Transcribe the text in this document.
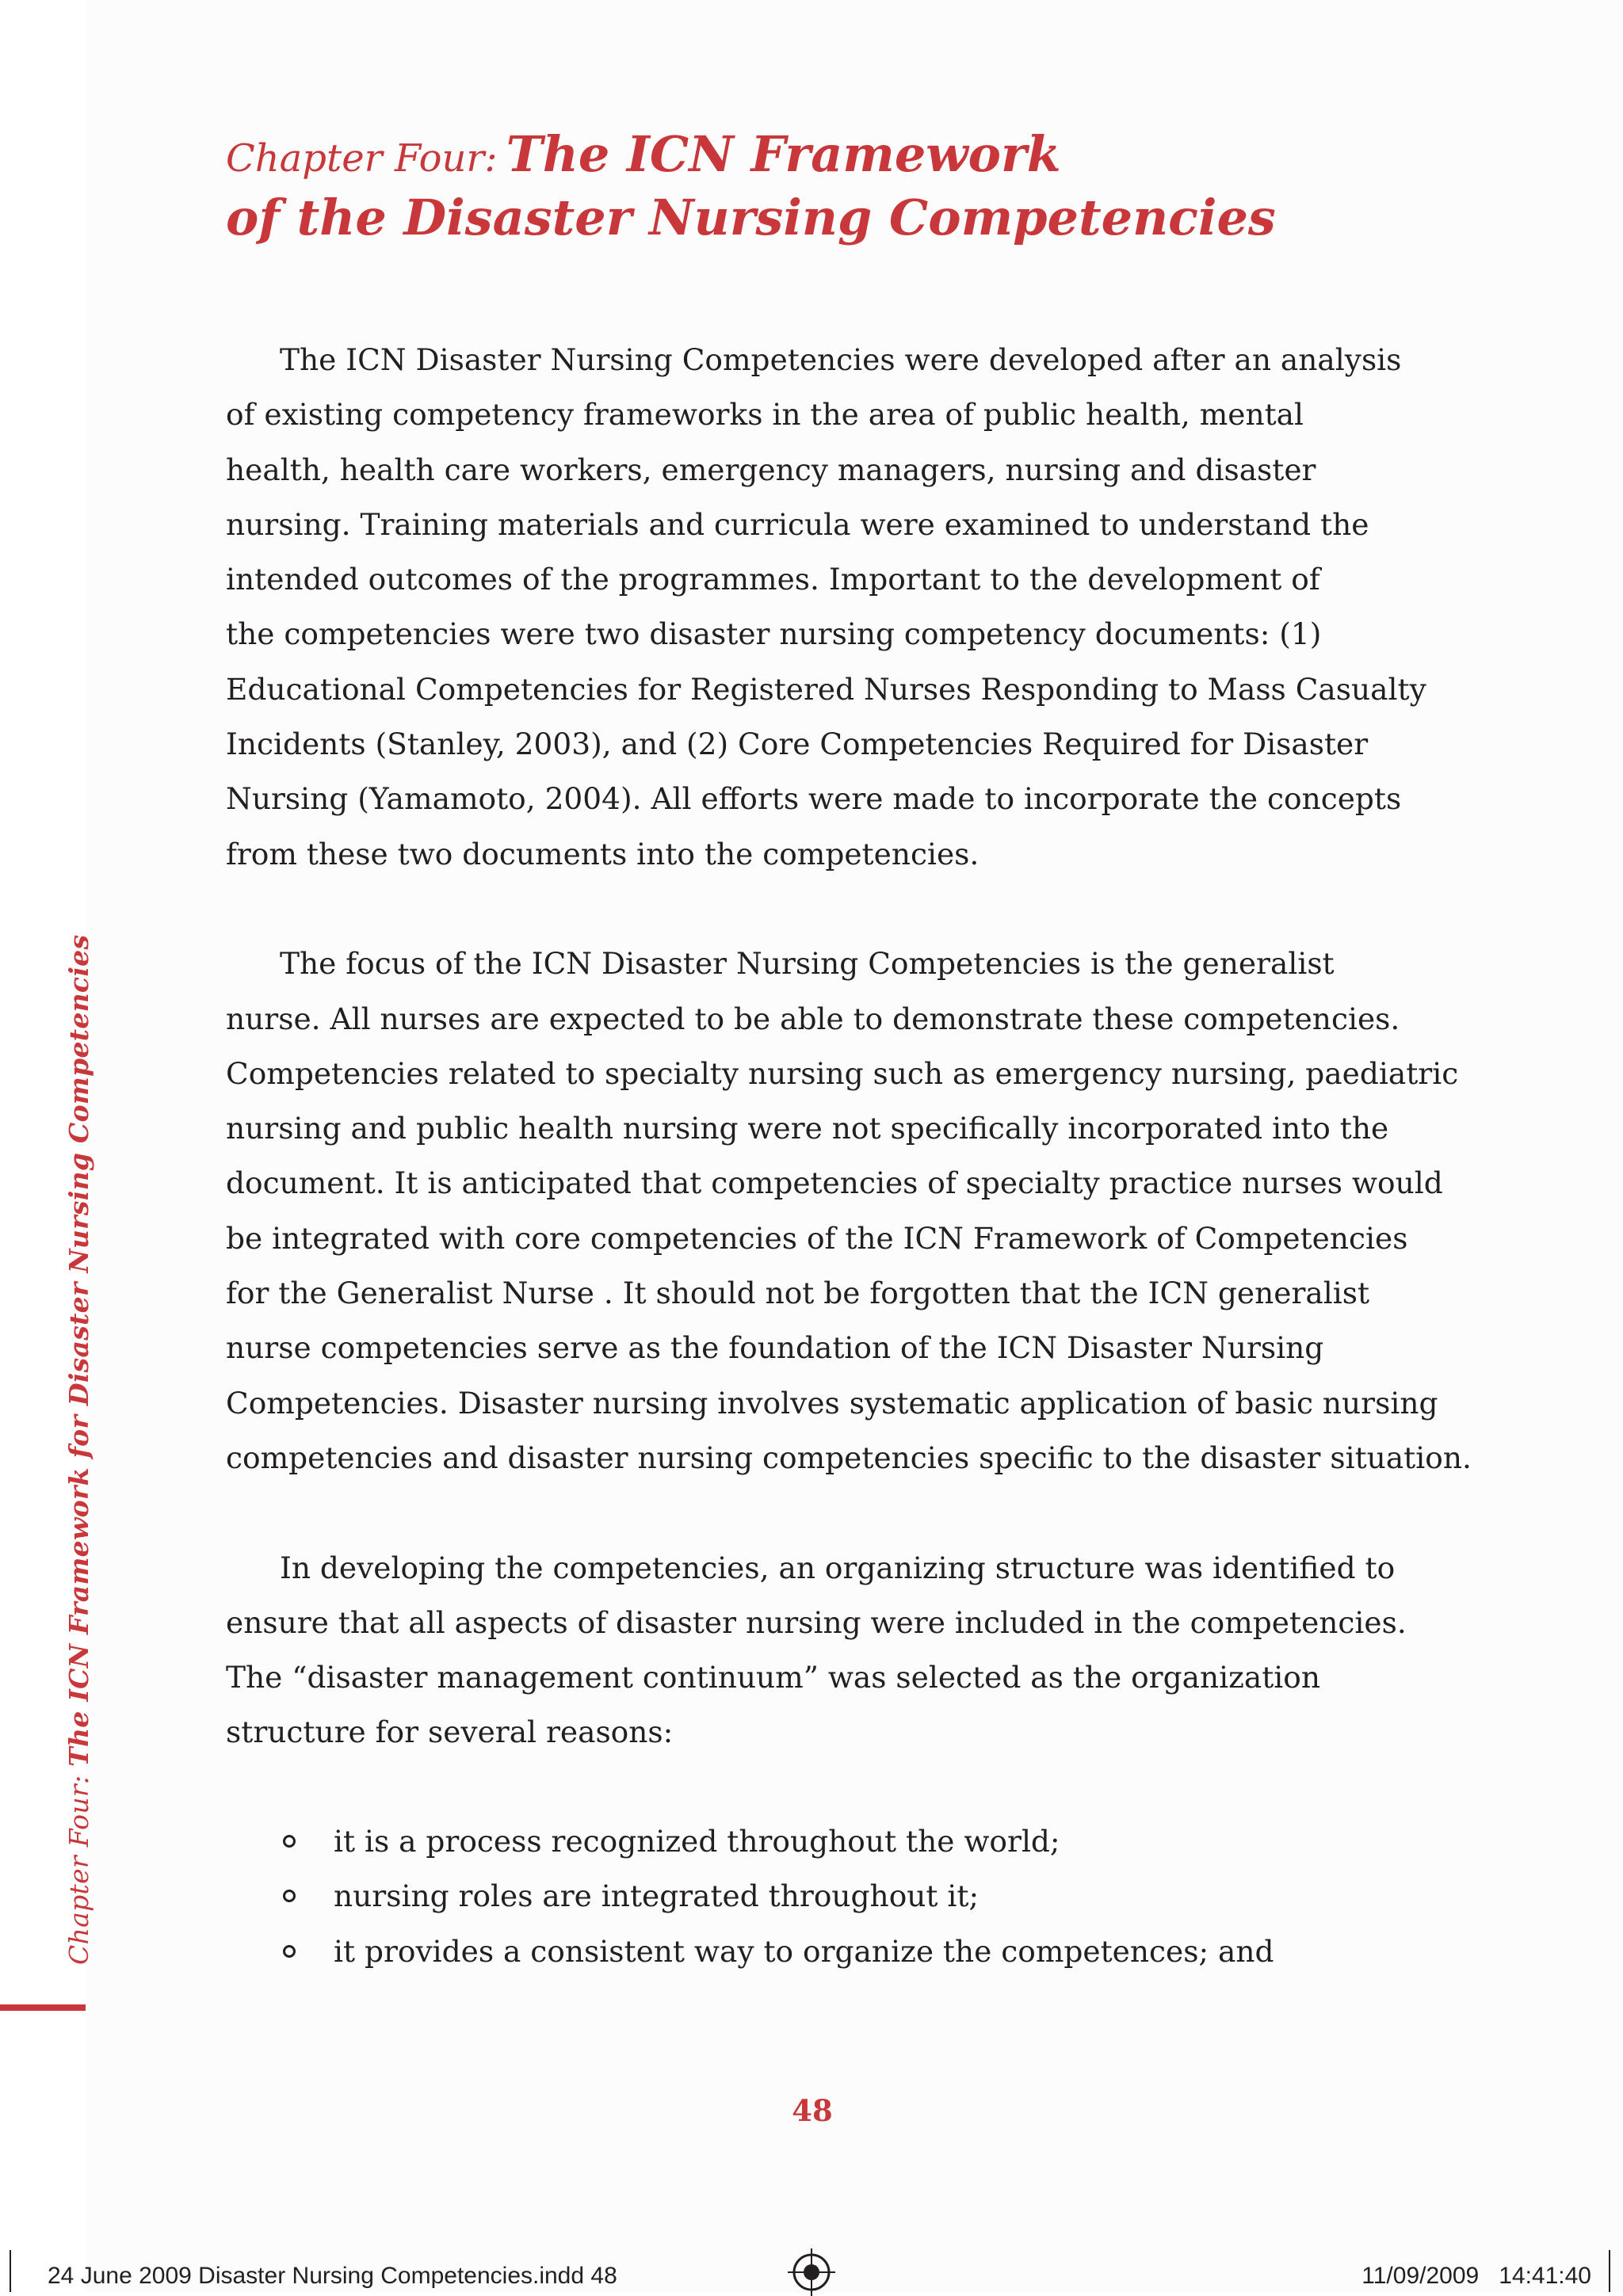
Chapter Four: The ICN Framework
of the Disaster Nursing Competencies

The ICN Disaster Nursing Competencies were developed after an analysis
of existing competency frameworks in the area of public health, mental
health, health care workers, emergency managers, nursing and disaster
nursing. Training materials and curricula were examined to understand the
intended outcomes of the programmes. Important to the development of
the competencies were two disaster nursing competency documents: (1)
Educational Competencies for Registered Nurses Responding to Mass Casualty
Incidents (Stanley, 2003), and (2) Core Competencies Required for Disaster
Nursing (Yamamoto, 2004). All efforts were made to incorporate the concepts
from these two documents into the competencies.

The focus of the ICN Disaster Nursing Competencies is the generalist
nurse. All nurses are expected to be able to demonstrate these competencies.
Competencies related to specialty nursing such as emergency nursing, paediatric
nursing and public health nursing were not specifically incorporated into the
document. It is anticipated that competencies of specialty practice nurses would
be integrated with core competencies of the ICN Framework of Competencies
for the Generalist Nurse . It should not be forgotten that the ICN generalist
nurse competencies serve as the foundation of the ICN Disaster Nursing
Competencies. Disaster nursing involves systematic application of basic nursing
competencies and disaster nursing competencies specific to the disaster situation.

In developing the competencies, an organizing structure was identified to
ensure that all aspects of disaster nursing were included in the competencies.
The “disaster management continuum” was selected as the organization
structure for several reasons:

it is a process recognized throughout the world;
nursing roles are integrated throughout it;
it provides a consistent way to organize the competences; and
Chapter Four: The ICN Framework for Disaster Nursing Competencies
48
24 June 2009 Disaster Nursing Competencies.indd 48	11/09/2009 14:41:40
